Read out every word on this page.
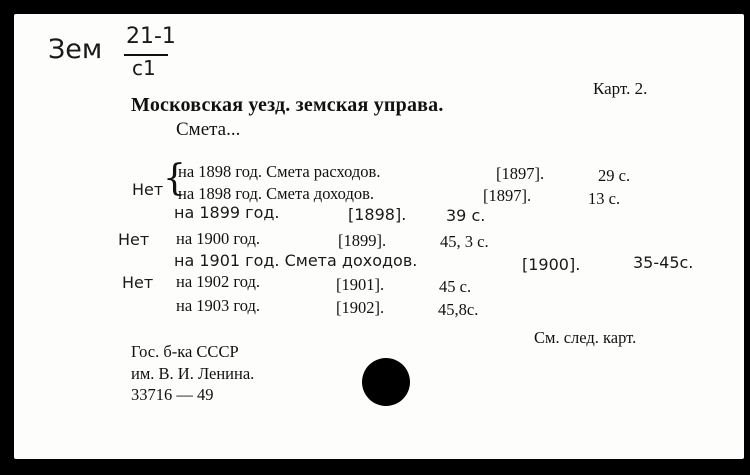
Зем 21-1
с1
Карт. 2.
Московская уезд. земская управа.
Смета...
{
на 1898 год. Смета расходов.	[1897].	29 с.
Нет на 1898 год. Смета доходов.	[1897].	13 с.
на 1899 год.	[1898]. 39 с.
Нет на 1900 год.	[1899].	45, 3 с.
на 1901 год. Смета доходов.	[1900].	35-45с.
Нет на 1902 год.	[1901].	45 с.
на 1903 год.	[1902].	45,8с.
См. след. карт.
Гос. б-ка СССР
им. В. И. Ленина.
33716 — 49
